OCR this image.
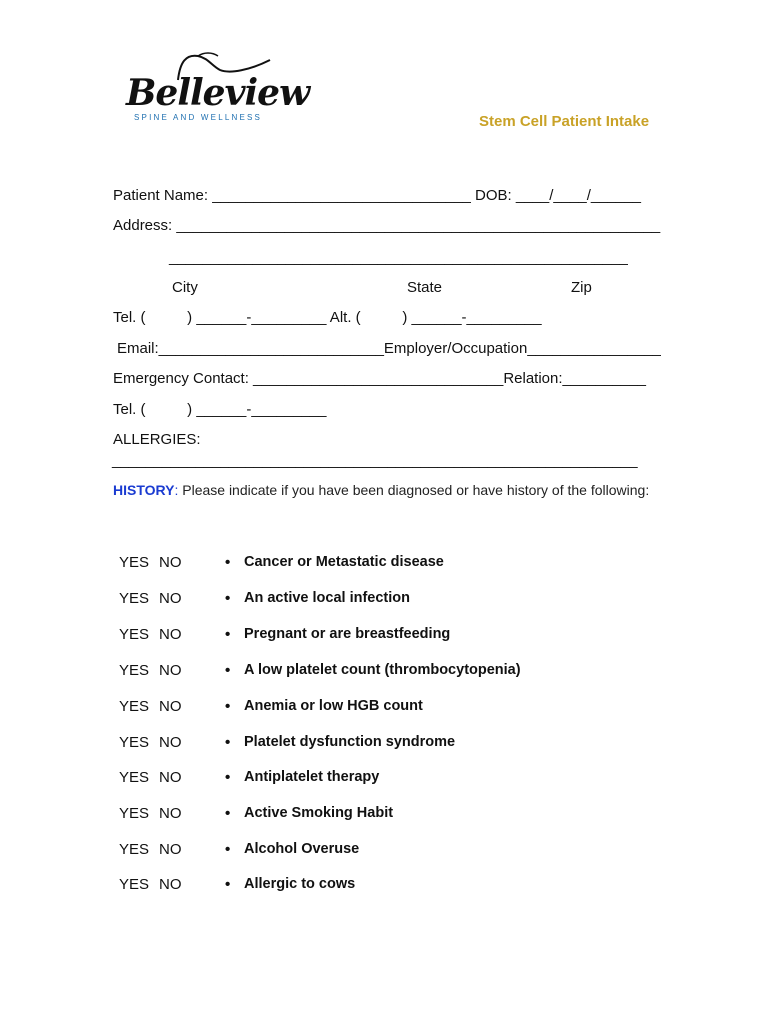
Belleview
SPINE AND WELLNESS	Stem Cell Patient Intake
Patient Name: _______________________________ DOB: ____/____/______
Address: __________________________________________________________
_______________________________________________________
City	State	Zip
Tel. (          ) ______-_________ Alt. (          ) ______-_________
Email:___________________________Employer/Occupation________________
Emergency Contact: ______________________________Relation:__________
Tel. (          ) ______-_________
ALLERGIES:
_______________________________________________________________
HISTORY: Please indicate if you have been diagnosed or have history of the following:
YES NO	• Cancer or Metastatic disease
YES NO	• An active local infection
YES NO	• Pregnant or are breastfeeding
YES NO	• A low platelet count (thrombocytopenia)
YES NO	• Anemia or low HGB count
YES NO	• Platelet dysfunction syndrome
YES NO	• Antiplatelet therapy
YES NO	• Active Smoking Habit
YES NO	• Alcohol Overuse
YES NO	• Allergic to cows
